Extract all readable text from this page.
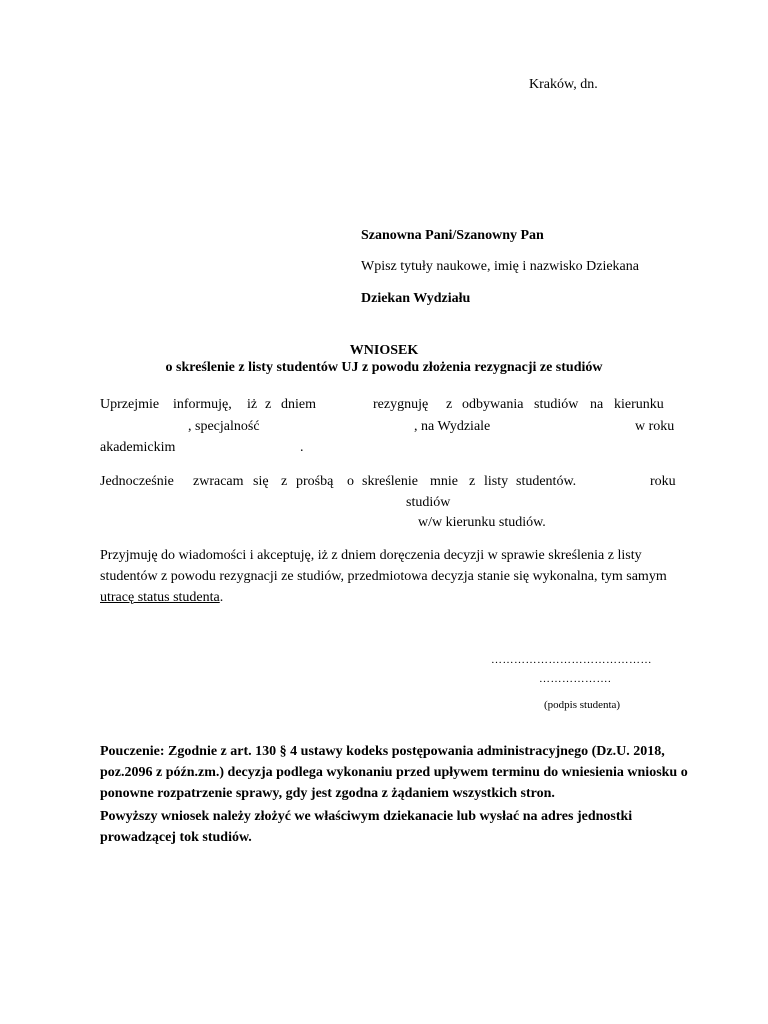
Kraków, dn.
Szanowna Pani/Szanowny Pan
Wpisz tytuły naukowe, imię i nazwisko Dziekana
Dziekan Wydziału
WNIOSEK
o skreślenie z listy studentów UJ z powodu złożenia rezygnacji ze studiów
Uprzejmie informuję, iż z dniem	rezygnuję z odbywania studiów na kierunku
, specjalność	, na Wydziale	w roku
akademickim	.
Jednocześnie zwracam się z prośbą o skreślenie mnie z listy studentów.	roku
studiów
w/w kierunku studiów.
Przyjmuję do wiadomości i akceptuję, iż z dniem doręczenia decyzji w sprawie skreślenia z listy
studentów z powodu rezygnacji ze studiów, przedmiotowa decyzja stanie się wykonalna, tym samym
utracę status studenta.
……………………………………
……………….
(podpis studenta)
Pouczenie: Zgodnie z art. 130 § 4 ustawy kodeks postępowania administracyjnego (Dz.U. 2018,
poz.2096 z późn.zm.) decyzja podlega wykonaniu przed upływem terminu do wniesienia wniosku o
ponowne rozpatrzenie sprawy, gdy jest zgodna z żądaniem wszystkich stron.
Powyższy wniosek należy złożyć we właściwym dziekanacie lub wysłać na adres jednostki
prowadzącej tok studiów.
